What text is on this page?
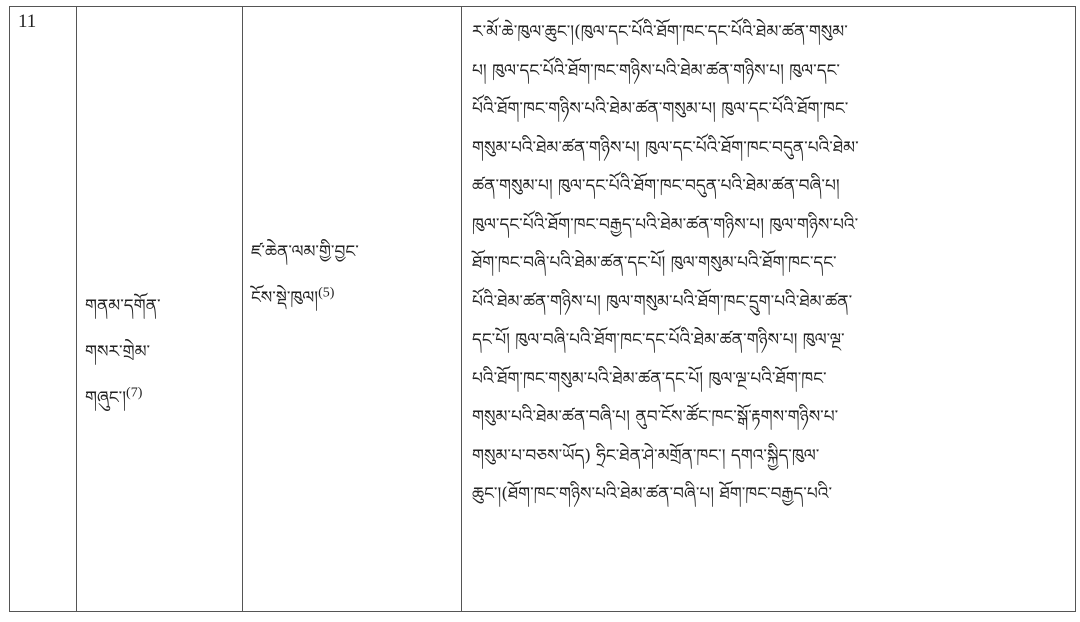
11

གནམ་དགོན་
གསར་གྲེམ་
གཞུང་།$^{(7)}$

ཛ་ཆེན་ལམ་གྱི་བྱང་
ངོས་སྡེ་ཁུལ།$^{(5)}$

ར་མོ་ཆེ་ཁུལ་ཆུང་།(ཁུལ་དང་པོའི་ཐོག་ཁང་དང་པོའི་ཐེམ་ཚན་གསུམ་
པ། ཁུལ་དང་པོའི་ཐོག་ཁང་གཉིས་པའི་ཐེམ་ཚན་གཉིས་པ། ཁུལ་དང་
པོའི་ཐོག་ཁང་གཉིས་པའི་ཐེམ་ཚན་གསུམ་པ། ཁུལ་དང་པོའི་ཐོག་ཁང་
གསུམ་པའི་ཐེམ་ཚན་གཉིས་པ། ཁུལ་དང་པོའི་ཐོག་ཁང་བདུན་པའི་ཐེམ་
ཚན་གསུམ་པ། ཁུལ་དང་པོའི་ཐོག་ཁང་བདུན་པའི་ཐེམ་ཚན་བཞི་པ།
ཁུལ་དང་པོའི་ཐོག་ཁང་བརྒྱད་པའི་ཐེམ་ཚན་གཉིས་པ། ཁུལ་གཉིས་པའི་
ཐོག་ཁང་བཞི་པའི་ཐེམ་ཚན་དང་པོ། ཁུལ་གསུམ་པའི་ཐོག་ཁང་དང་
པོའི་ཐེམ་ཚན་གཉིས་པ། ཁུལ་གསུམ་པའི་ཐོག་ཁང་དྲུག་པའི་ཐེམ་ཚན་
དང་པོ། ཁུལ་བཞི་པའི་ཐོག་ཁང་དང་པོའི་ཐེམ་ཚན་གཉིས་པ། ཁུལ་ལྔ་
པའི་ཐོག་ཁང་གསུམ་པའི་ཐེམ་ཚན་དང་པོ། ཁུལ་ལྔ་པའི་ཐོག་ཁང་
གསུམ་པའི་ཐེམ་ཚན་བཞི་པ། ནུབ་ངོས་ཚོང་ཁང་སྒོ་རྟགས་གཉིས་པ་
གསུམ་པ་བཅས་ཡོད) ཧྲིང་ཐེན་ཤེ་མགྲོན་ཁང་། དགའ་སྐྱིད་ཁུལ་
ཆུང་།(ཐོག་ཁང་གཉིས་པའི་ཐེམ་ཚན་བཞི་པ། ཐོག་ཁང་བརྒྱད་པའི་
